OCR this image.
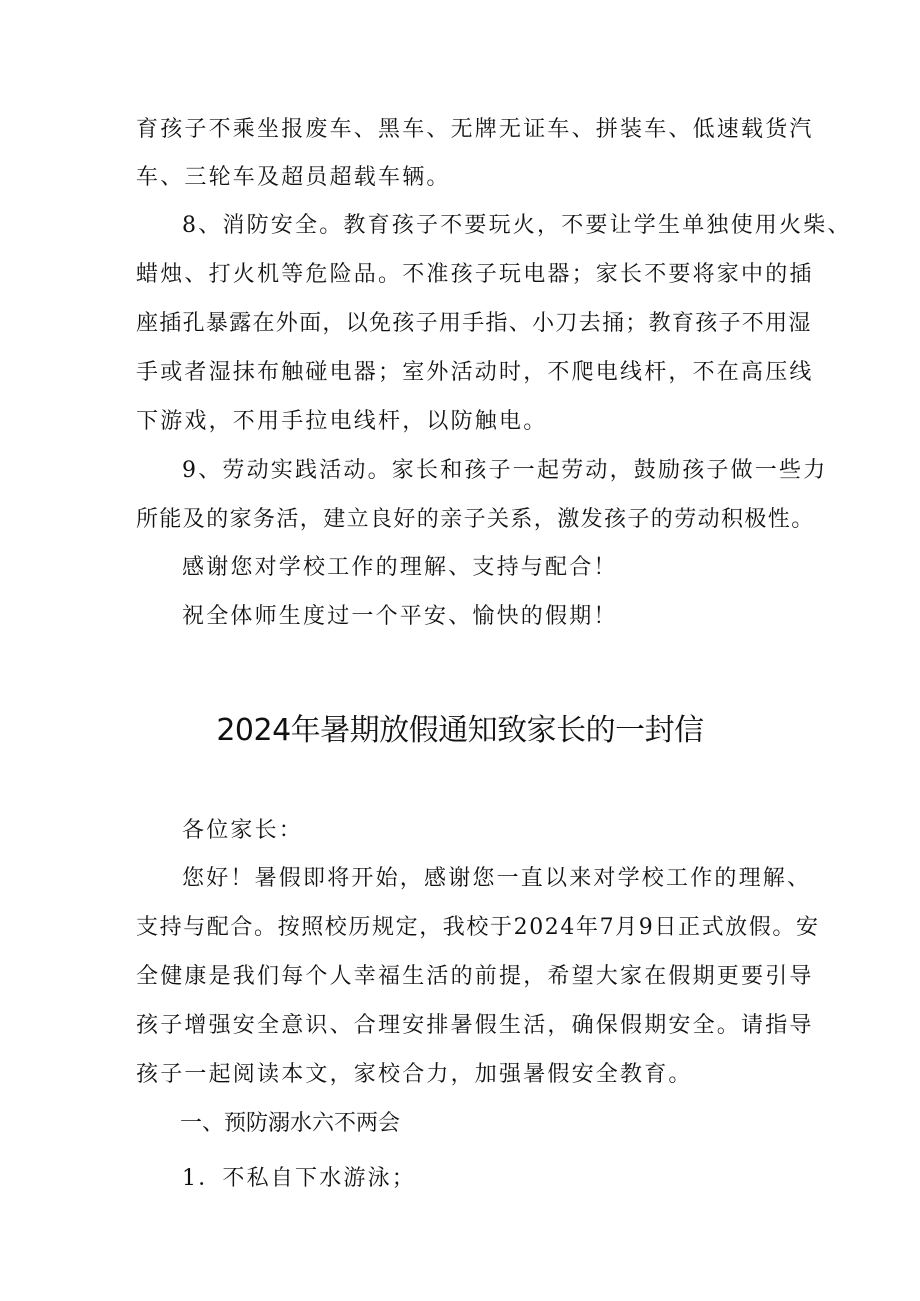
育孩子不乘坐报废车、黑车、无牌无证车、拼装车、低速载货汽
车、三轮车及超员超载车辆。
8、消防安全。教育孩子不要玩火，不要让学生单独使用火柴、
蜡烛、打火机等危险品。不准孩子玩电器；家长不要将家中的插
座插孔暴露在外面，以免孩子用手指、小刀去捅；教育孩子不用湿
手或者湿抹布触碰电器；室外活动时，不爬电线杆，不在高压线
下游戏，不用手拉电线杆，以防触电。
9、劳动实践活动。家长和孩子一起劳动，鼓励孩子做一些力
所能及的家务活，建立良好的亲子关系，激发孩子的劳动积极性。
感谢您对学校工作的理解、支持与配合！
祝全体师生度过一个平安、愉快的假期！
2024年暑期放假通知致家长的一封信
各位家长：
您好！暑假即将开始，感谢您一直以来对学校工作的理解、
支持与配合。按照校历规定，我校于2024年7月9日正式放假。安
全健康是我们每个人幸福生活的前提，希望大家在假期更要引导
孩子增强安全意识、合理安排暑假生活，确保假期安全。请指导
孩子一起阅读本文，家校合力，加强暑假安全教育。
一、预防溺水六不两会
1．不私自下水游泳；
